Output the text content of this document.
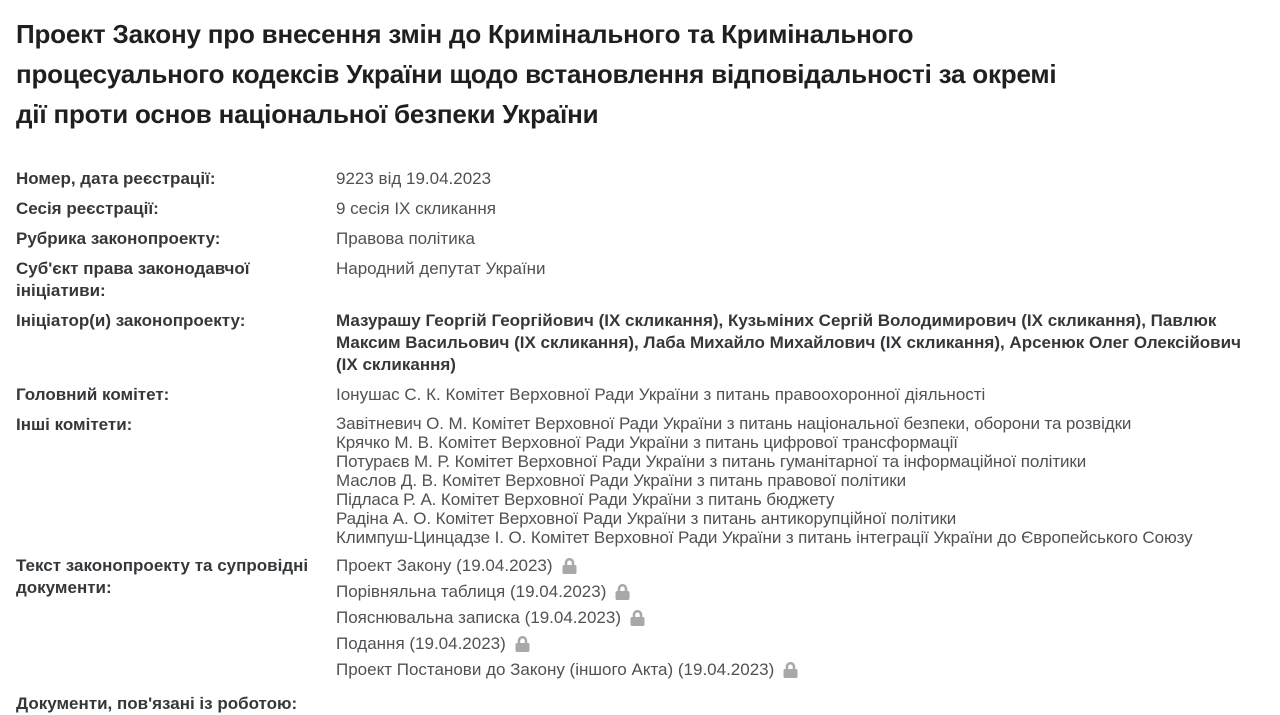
Проект Закону про внесення змін до Кримінального та Кримінального процесуального кодексів України щодо встановлення відповідальності за окремі дії проти основ національної безпеки України
Номер, дата реєстрації:	9223 від 19.04.2023
Сесія реєстрації:	9 сесія IX скликання
Рубрика законопроекту:	Правова політика
Суб'єкт права законодавчої ініціативи:
Народний депутат України
Ініціатор(и) законопроекту:	Мазурашу Георгій Георгійович (IX скликання), Кузьміних Сергій Володимирович (IX скликання), Павлюк Максим Васильович (IX скликання), Лаба Михайло Михайлович (IX скликання), Арсенюк Олег Олексійович (IX скликання)
Головний комітет:	Іонушас С. К. Комітет Верховної Ради України з питань правоохоронної діяльності
Інші комітети:	Завітневич О. М. Комітет Верховної Ради України з питань національної безпеки, оборони та розвідки
Крячко М. В. Комітет Верховної Ради України з питань цифрової трансформації
Потураєв М. Р. Комітет Верховної Ради України з питань гуманітарної та інформаційної політики
Маслов Д. В. Комітет Верховної Ради України з питань правової політики
Підласа Р. А. Комітет Верховної Ради України з питань бюджету
Радіна А. О. Комітет Верховної Ради України з питань антикорупційної політики
Климпуш-Цинцадзе І. О. Комітет Верховної Ради України з питань інтеграції України до Європейського Союзу
Текст законопроекту та супровідні документи:
Проект Закону (19.04.2023)
Порівняльна таблиця (19.04.2023)
Пояснювальна записка (19.04.2023)
Подання (19.04.2023)
Проект Постанови до Закону (іншого Акта) (19.04.2023)
Документи, пов'язані із роботою:
